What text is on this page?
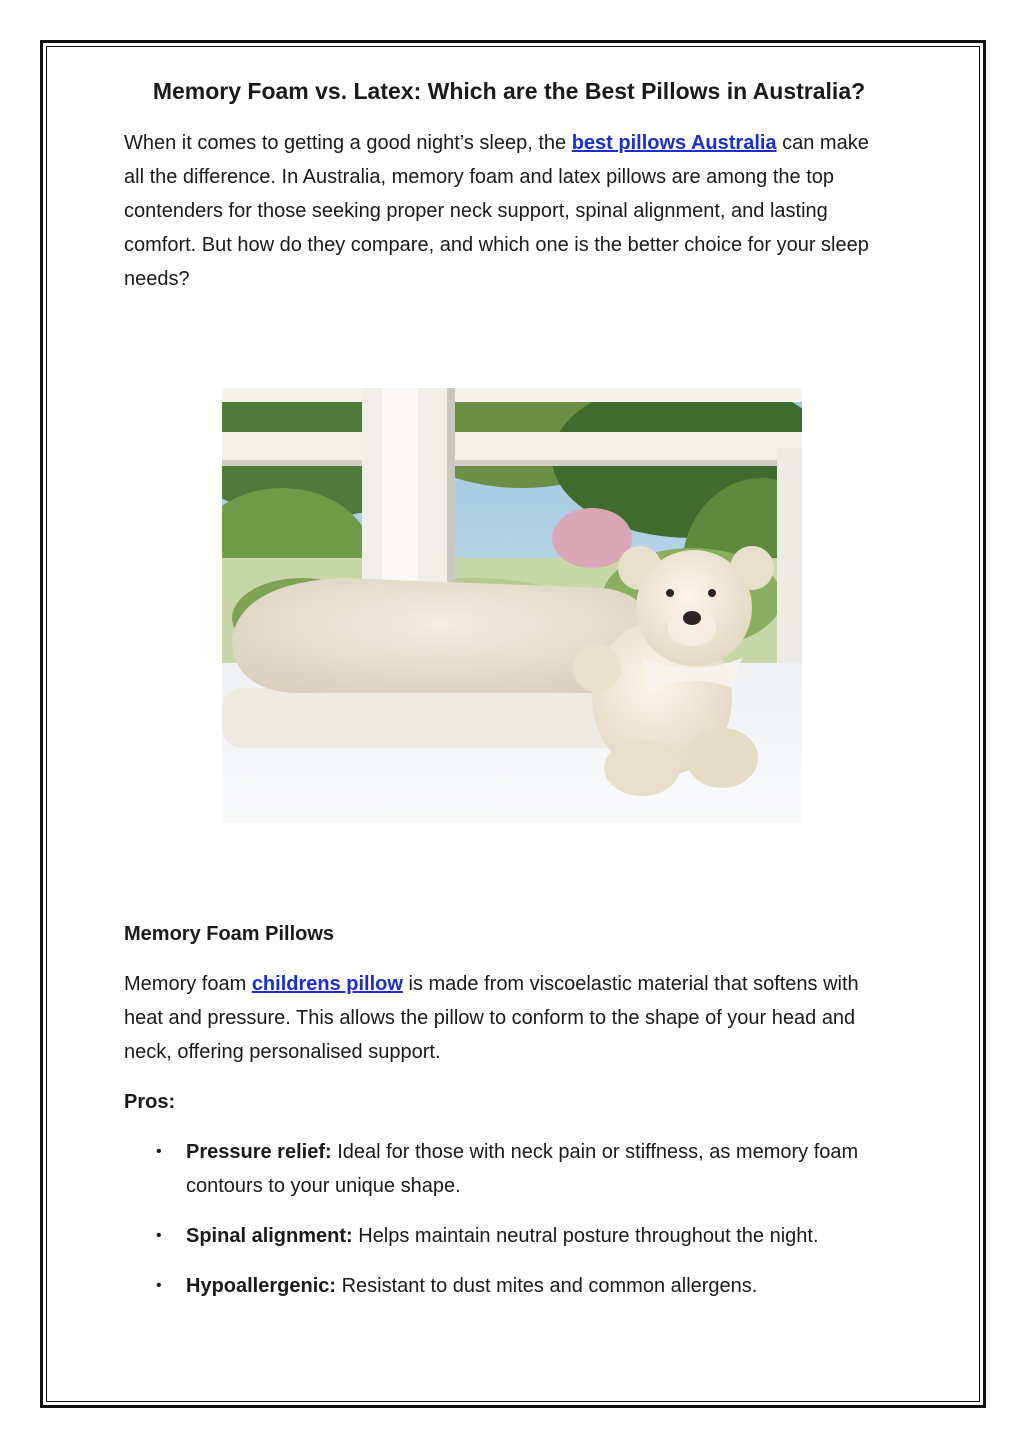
Memory Foam vs. Latex: Which are the Best Pillows in Australia?

When it comes to getting a good night’s sleep, the best pillows Australia can make all the difference. In Australia, memory foam and latex pillows are among the top contenders for those seeking proper neck support, spinal alignment, and lasting comfort. But how do they compare, and which one is the better choice for your sleep needs?

Memory Foam Pillows

Memory foam childrens pillow is made from viscoelastic material that softens with heat and pressure. This allows the pillow to conform to the shape of your head and neck, offering personalised support.

Pros:
• Pressure relief: Ideal for those with neck pain or stiffness, as memory foam contours to your unique shape.
• Spinal alignment: Helps maintain neutral posture throughout the night.
• Hypoallergenic: Resistant to dust mites and common allergens.
